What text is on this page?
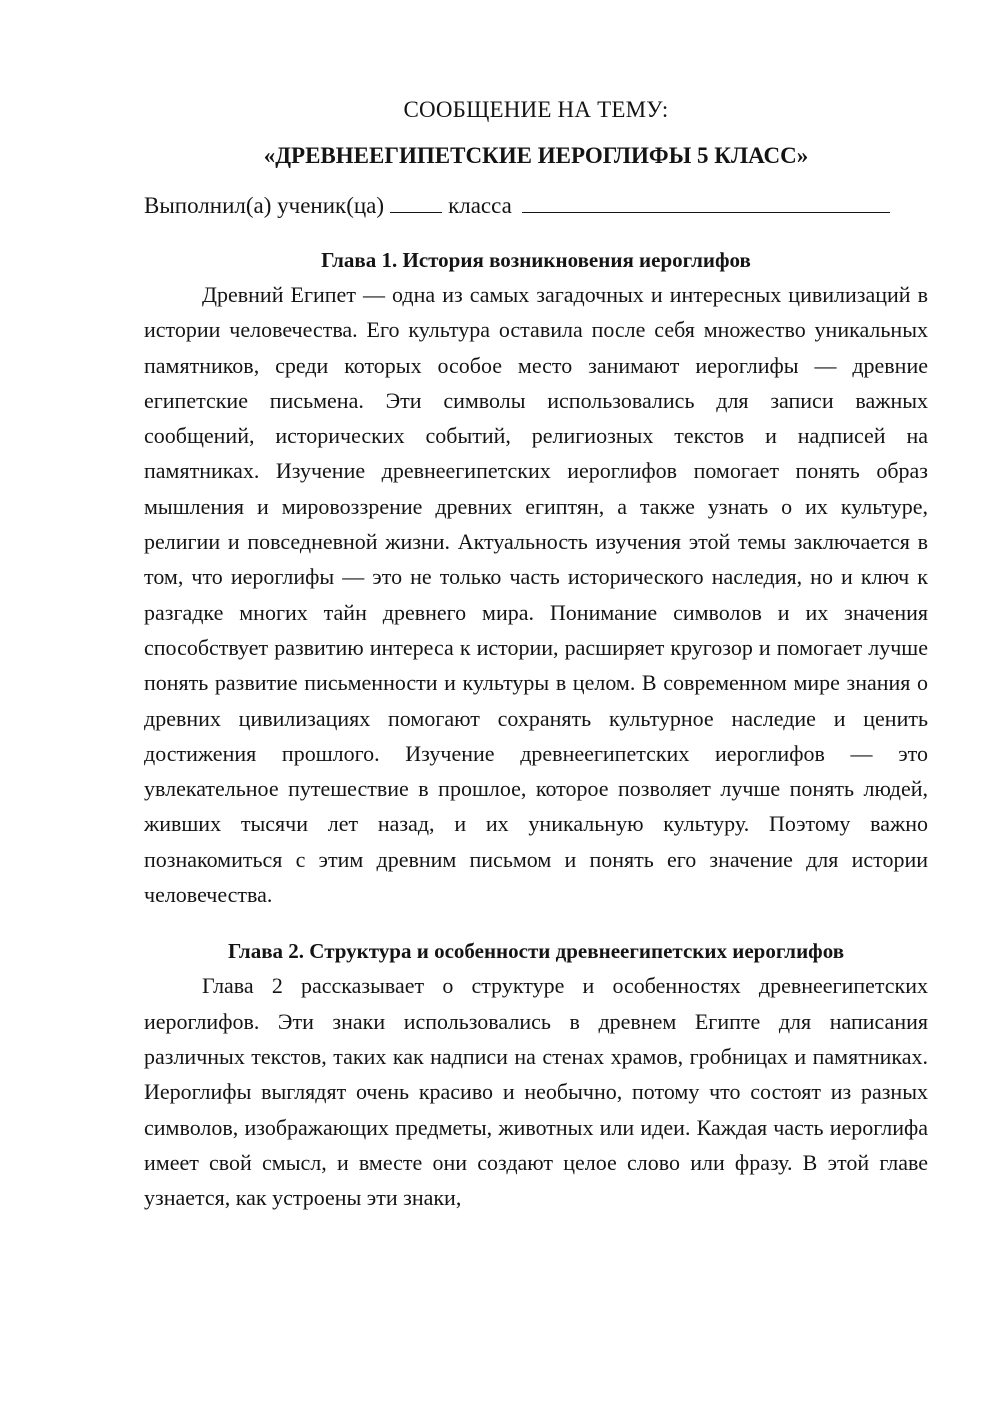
СООБЩЕНИЕ НА ТЕМУ:
«ДРЕВНЕЕГИПЕТСКИЕ ИЕРОГЛИФЫ 5 КЛАСС»
Выполнил(а) ученик(ца)	класса
Глава 1. История возникновения иероглифов

Древний Египет — одна из самых загадочных и интересных цивилизаций в истории человечества. Его культура оставила после себя множество уникальных памятников, среди которых особое место занимают иероглифы — древние египетские письмена. Эти символы использовались для записи важных сообщений, исторических событий, религиозных текстов и надписей на памятниках. Изучение древнеегипетских иероглифов помогает понять образ мышления и мировоззрение древних египтян, а также узнать о их культуре, религии и повседневной жизни. Актуальность изучения этой темы заключается в том, что иероглифы — это не только часть исторического наследия, но и ключ к разгадке многих тайн древнего мира. Понимание символов и их значения способствует развитию интереса к истории, расширяет кругозор и помогает лучше понять развитие письменности и культуры в целом. В современном мире знания о древних цивилизациях помогают сохранять культурное наследие и ценить достижения прошлого. Изучение древнеегипетских иероглифов — это увлекательное путешествие в прошлое, которое позволяет лучше понять людей, живших тысячи лет назад, и их уникальную культуру. Поэтому важно познакомиться с этим древним письмом и понять его значение для истории человечества.

Глава 2. Структура и особенности древнеегипетских иероглифов

Глава 2 рассказывает о структуре и особенностях древнеегипетских иероглифов. Эти знаки использовались в древнем Египте для написания различных текстов, таких как надписи на стенах храмов, гробницах и памятниках. Иероглифы выглядят очень красиво и необычно, потому что состоят из разных символов, изображающих предметы, животных или идеи. Каждая часть иероглифа имеет свой смысл, и вместе они создают целое слово или фразу. В этой главе узнается, как устроены эти знаки,
